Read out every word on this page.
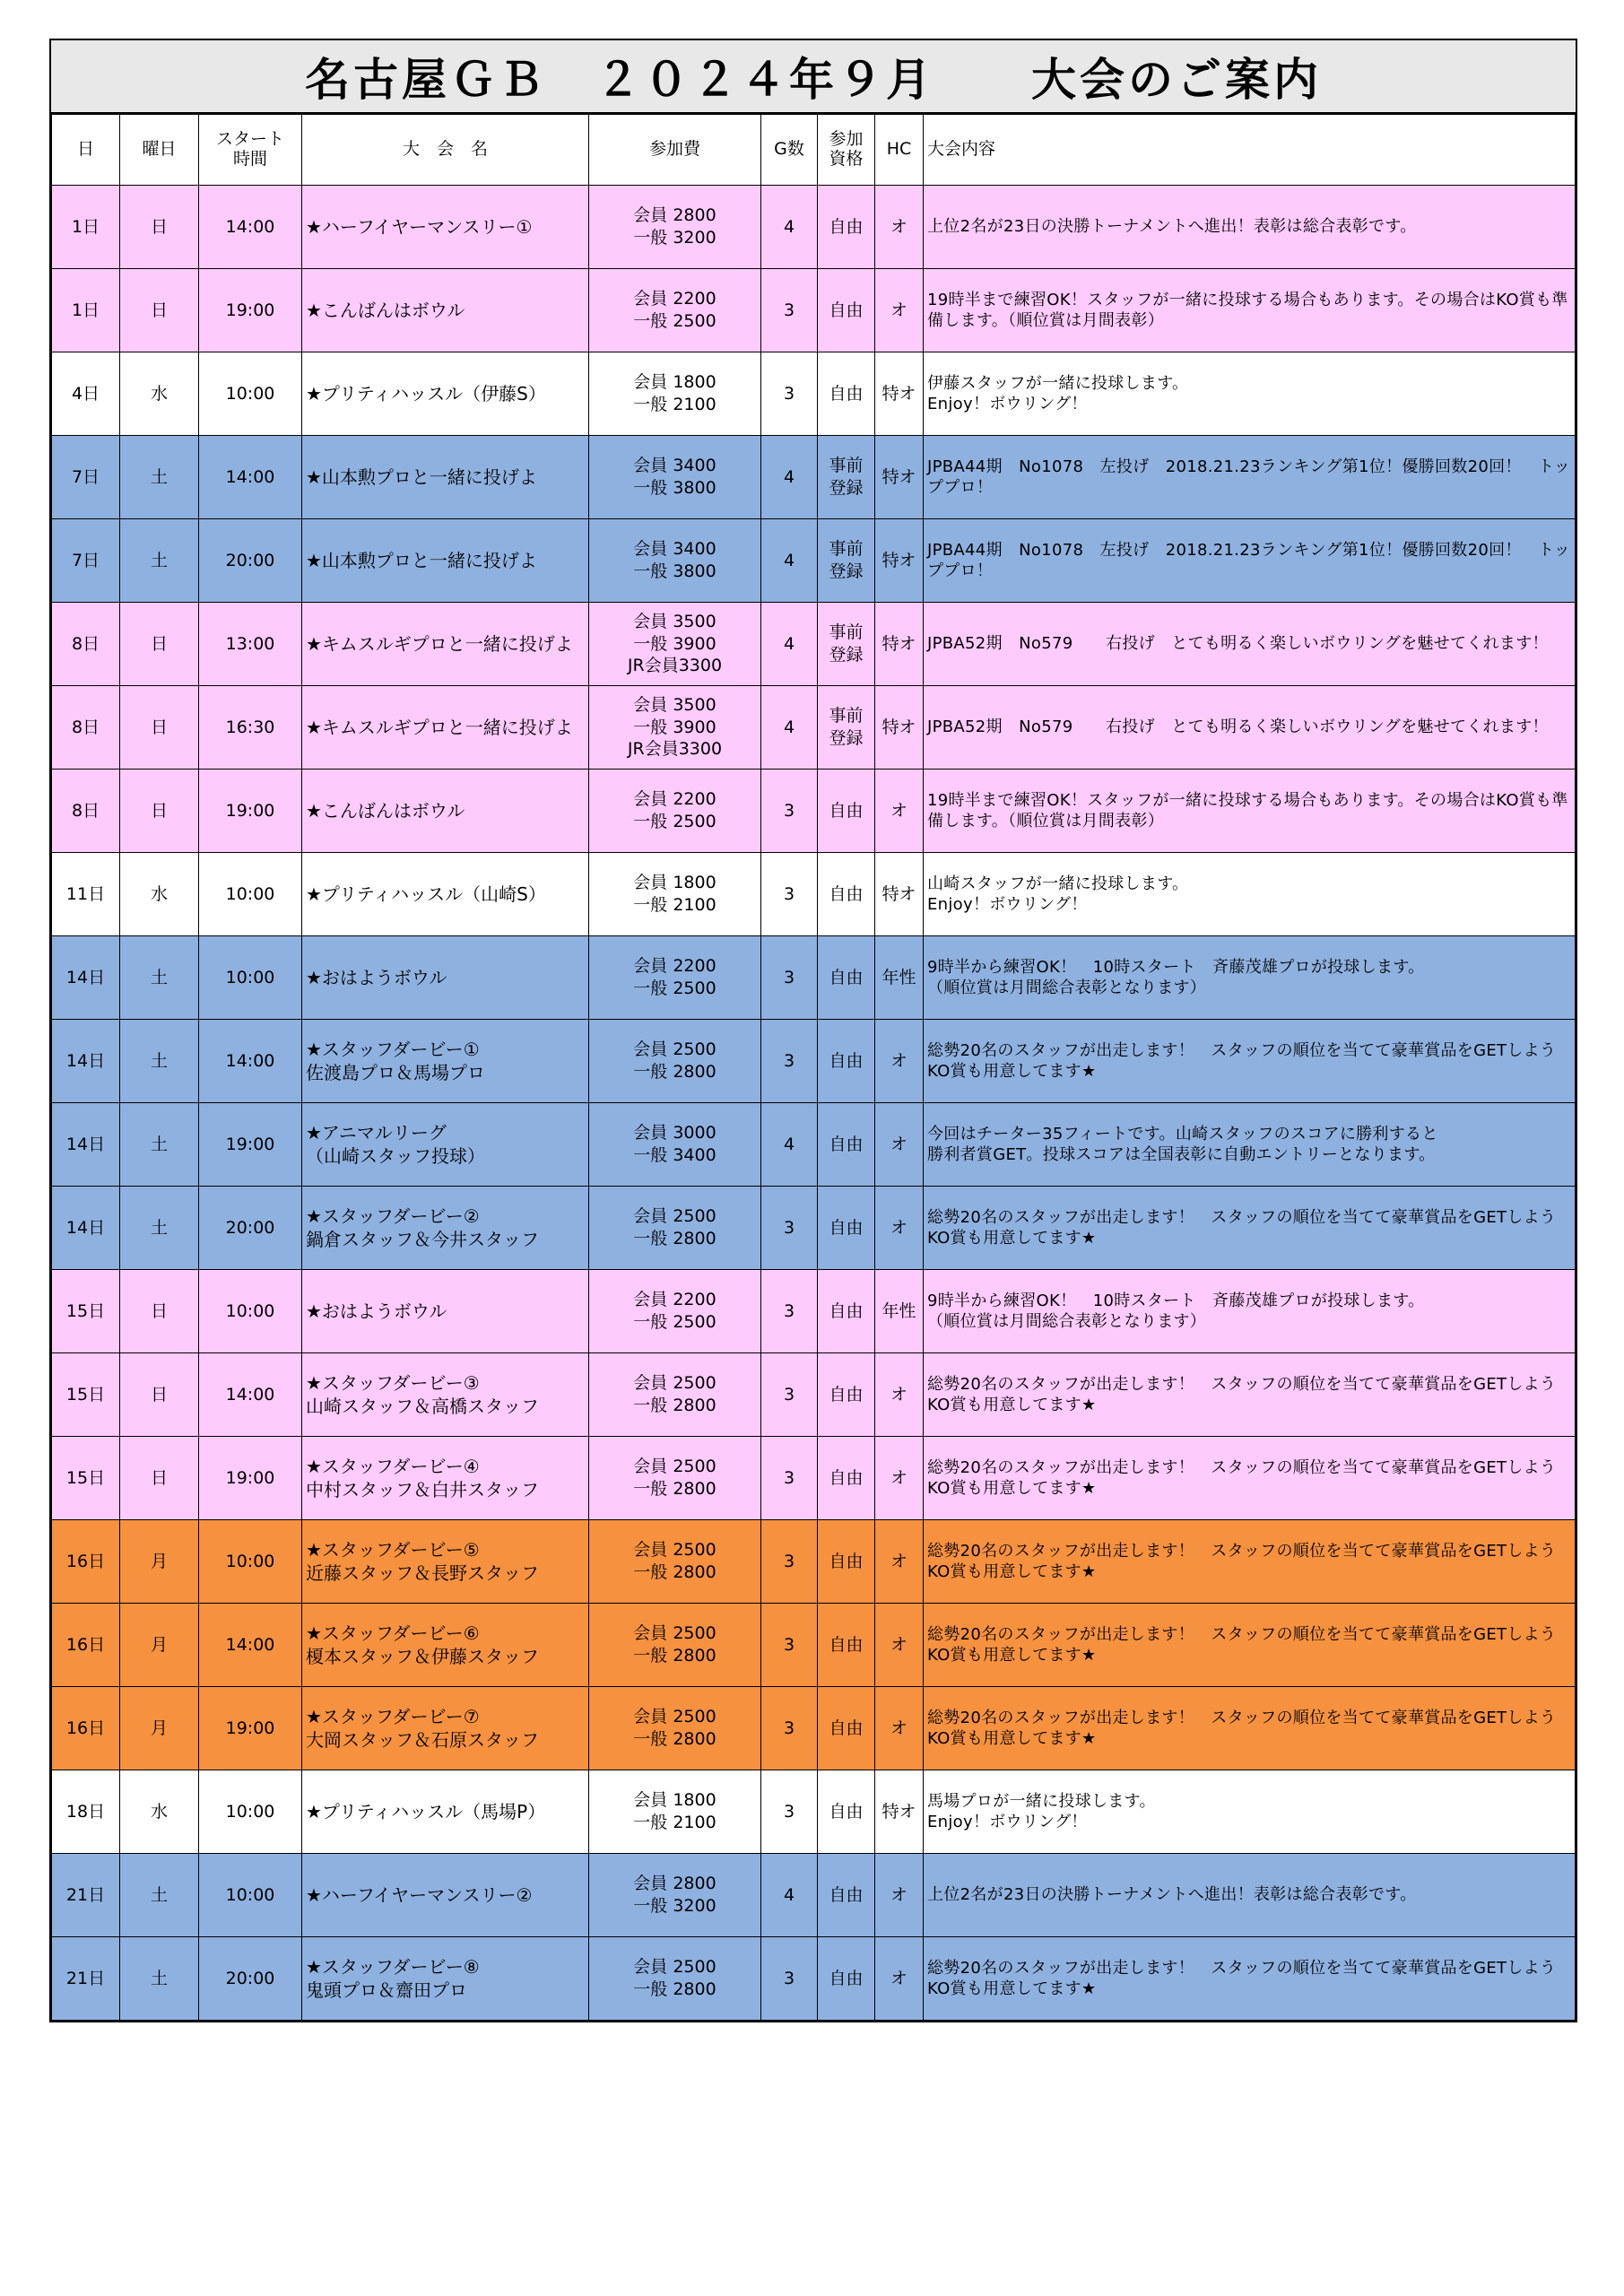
名古屋ＧＢ　２０２４年９月　　大会のご案内
日	曜日	スタート
時間	大　会　名	参加費	G数	参加
資格	HC	大会内容
1日	日	14:00	★ハーフイヤーマンスリー①	会員 2800
一般 3200	4	自由	オ	上位2名が23日の決勝トーナメントへ進出！表彰は総合表彰です。
1日	日	19:00	★こんばんはボウル	会員 2200
一般 2500	3	自由	オ	19時半まで練習OK！スタッフが一緒に投球する場合もあります。その場合はKO賞も準備します。（順位賞は月間表彰）
4日	水	10:00	★プリティハッスル（伊藤S）	会員 1800
一般 2100	3	自由	特オ	伊藤スタッフが一緒に投球します。
Enjoy！ボウリング！
7日	土	14:00	★山本勲プロと一緒に投げよ	会員 3400
一般 3800	4	事前登録	特オ	JPBA44期　No1078　左投げ　2018.21.23ランキング第1位！優勝回数20回！　トッププロ！
7日	土	20:00	★山本勲プロと一緒に投げよ	会員 3400
一般 3800	4	事前登録	特オ	JPBA44期　No1078　左投げ　2018.21.23ランキング第1位！優勝回数20回！　トッププロ！
8日	日	13:00	★キムスルギプロと一緒に投げよ	会員 3500
一般 3900
JR会員3300	4	事前登録	特オ	JPBA52期　No579　　右投げ　とても明るく楽しいボウリングを魅せてくれます！
8日	日	16:30	★キムスルギプロと一緒に投げよ	会員 3500
一般 3900
JR会員3300	4	事前登録	特オ	JPBA52期　No579　　右投げ　とても明るく楽しいボウリングを魅せてくれます！
8日	日	19:00	★こんばんはボウル	会員 2200
一般 2500	3	自由	オ	19時半まで練習OK！スタッフが一緒に投球する場合もあります。その場合はKO賞も準備します。（順位賞は月間表彰）
11日	水	10:00	★プリティハッスル（山崎S）	会員 1800
一般 2100	3	自由	特オ	山崎スタッフが一緒に投球します。
Enjoy！ボウリング！
14日	土	10:00	★おはようボウル	会員 2200
一般 2500	3	自由	年性	9時半から練習OK！　10時スタート　斉藤茂雄プロが投球します。
（順位賞は月間総合表彰となります）
14日	土	14:00	★スタッフダービー①
佐渡島プロ＆馬場プロ	会員 2500
一般 2800	3	自由	オ	総勢20名のスタッフが出走します！　スタッフの順位を当てて豪華賞品をGETしよう　KO賞も用意してます★
14日	土	19:00	★アニマルリーグ
（山崎スタッフ投球）	会員 3000
一般 3400	4	自由	オ	今回はチーター35フィートです。山崎スタッフのスコアに勝利すると
勝利者賞GET。投球スコアは全国表彰に自動エントリーとなります。
14日	土	20:00	★スタッフダービー②
鍋倉スタッフ＆今井スタッフ	会員 2500
一般 2800	3	自由	オ	総勢20名のスタッフが出走します！　スタッフの順位を当てて豪華賞品をGETしよう
KO賞も用意してます★
15日	日	10:00	★おはようボウル	会員 2200
一般 2500	3	自由	年性	9時半から練習OK！　10時スタート　斉藤茂雄プロが投球します。
（順位賞は月間総合表彰となります）
15日	日	14:00	★スタッフダービー③
山崎スタッフ＆高橋スタッフ	会員 2500
一般 2800	3	自由	オ	総勢20名のスタッフが出走します！　スタッフの順位を当てて豪華賞品をGETしよう　KO賞も用意してます★
15日	日	19:00	★スタッフダービー④
中村スタッフ＆白井スタッフ	会員 2500
一般 2800	3	自由	オ	総勢20名のスタッフが出走します！　スタッフの順位を当てて豪華賞品をGETしよう　KO賞も用意してます★
16日	月	10:00	★スタッフダービー⑤
近藤スタッフ＆長野スタッフ	会員 2500
一般 2800	3	自由	オ	総勢20名のスタッフが出走します！　スタッフの順位を当てて豪華賞品をGETしよう　KO賞も用意してます★
16日	月	14:00	★スタッフダービー⑥
榎本スタッフ＆伊藤スタッフ	会員 2500
一般 2800	3	自由	オ	総勢20名のスタッフが出走します！　スタッフの順位を当てて豪華賞品をGETしよう　KO賞も用意してます★
16日	月	19:00	★スタッフダービー⑦
大岡スタッフ＆石原スタッフ	会員 2500
一般 2800	3	自由	オ	総勢20名のスタッフが出走します！　スタッフの順位を当てて豪華賞品をGETしよう　KO賞も用意してます★
18日	水	10:00	★プリティハッスル（馬場P）	会員 1800
一般 2100	3	自由	特オ	馬場プロが一緒に投球します。
Enjoy！ボウリング！
21日	土	10:00	★ハーフイヤーマンスリー②	会員 2800
一般 3200	4	自由	オ	上位2名が23日の決勝トーナメントへ進出！表彰は総合表彰です。
21日	土	20:00	★スタッフダービー⑧
鬼頭プロ＆齋田プロ	会員 2500
一般 2800	3	自由	オ	総勢20名のスタッフが出走します！　スタッフの順位を当てて豪華賞品をGETしよう　KO賞も用意してます★
